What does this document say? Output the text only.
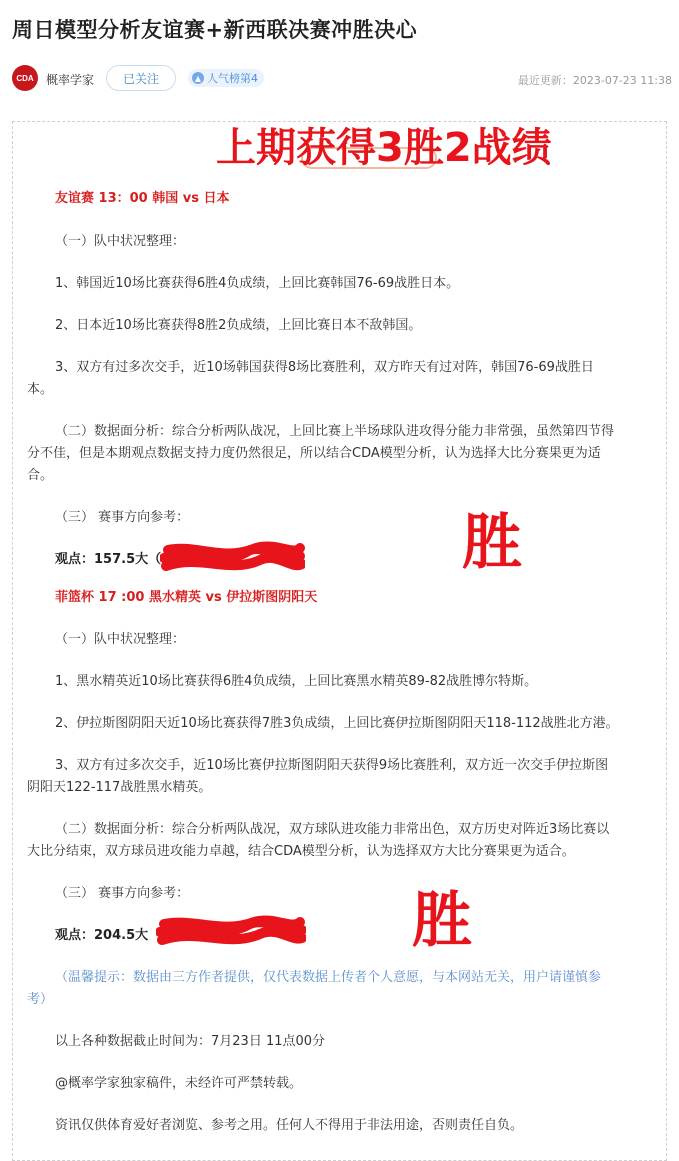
周日模型分析友谊赛+新西联决赛冲胜决心
CDA	概率学家	已关注	▲ 人气榜第4	最近更新：2023-07-23 11:38
上期获得3胜2战绩

友谊赛 13：00 韩国 vs 日本

（一）队中状况整理：

1、韩国近10场比赛获得6胜4负成绩，上回比赛韩国76-69战胜日本。

2、日本近10场比赛获得8胜2负成绩，上回比赛日本不敌韩国。

3、双方有过多次交手，近10场韩国获得8场比赛胜利，双方昨天有过对阵，韩国76-69战胜日

本。

（二）数据面分析：综合分析两队战况，上回比赛上半场球队进攻得分能力非常强，虽然第四节得

分不佳，但是本期观点数据支持力度仍然很足，所以结合CDA模型分析，认为选择大比分赛果更为适

合。

（三） 赛事方向参考：

观点：157.5大（	胜

菲篮杯 17 :00 黑水精英 vs 伊拉斯图阴阳天

（一）队中状况整理：

1、黑水精英近10场比赛获得6胜4负成绩，上回比赛黑水精英89-82战胜博尔特斯。

2、伊拉斯图阴阳天近10场比赛获得7胜3负成绩，上回比赛伊拉斯图阴阳天118-112战胜北方港。

3、双方有过多次交手，近10场比赛伊拉斯图阴阳天获得9场比赛胜利，双方近一次交手伊拉斯图

阴阳天122-117战胜黑水精英。

（二）数据面分析：综合分析两队战况，双方球队进攻能力非常出色，双方历史对阵近3场比赛以

大比分结束，双方球员进攻能力卓越，结合CDA模型分析，认为选择双方大比分赛果更为适合。

（三） 赛事方向参考：

观点：204.5大	胜

（温馨提示：数据由三方作者提供，仅代表数据上传者个人意愿，与本网站无关，用户请谨慎参

考）

以上各种数据截止时间为：7月23日 11点00分

@概率学家独家稿件，未经许可严禁转载。

资讯仅供体育爱好者浏览、参考之用。任何人不得用于非法用途，否则责任自负。
